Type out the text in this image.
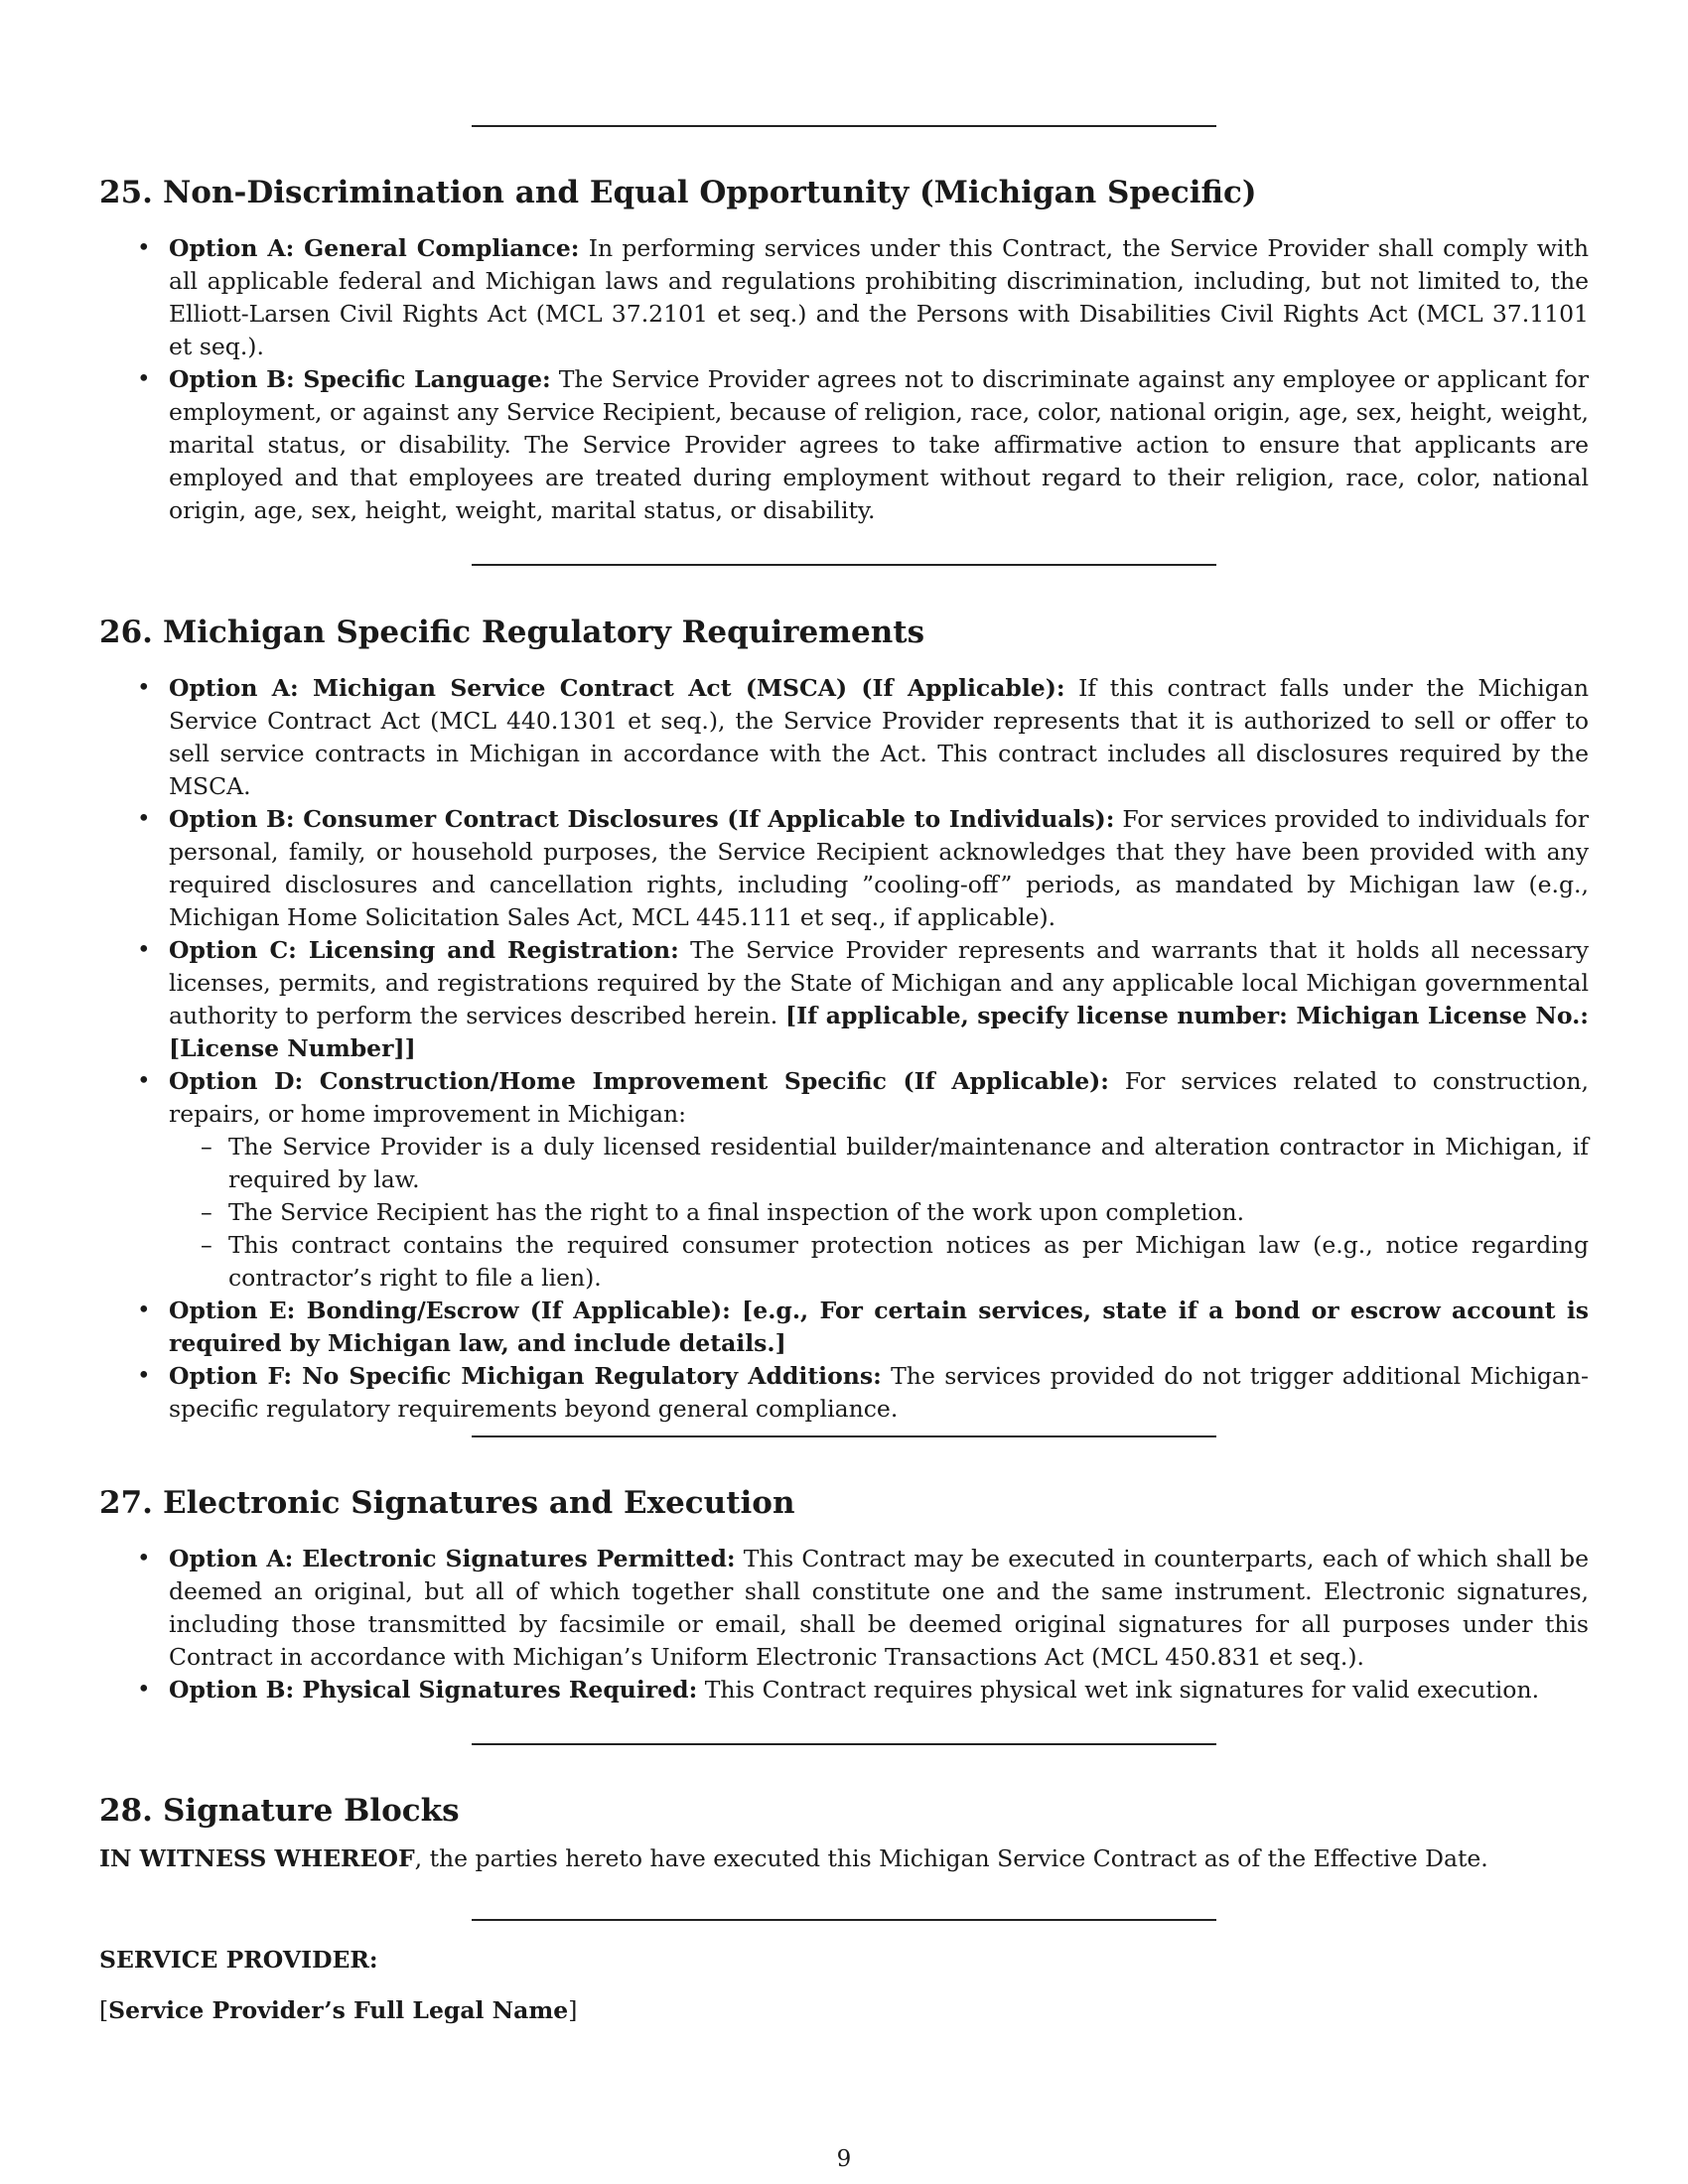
25. Non-Discrimination and Equal Opportunity (Michigan Specific)
• Option A: General Compliance: In performing services under this Contract, the Service Provider shall comply with all applicable federal and Michigan laws and regulations prohibiting discrimination, including, but not limited to, the Elliott-Larsen Civil Rights Act (MCL 37.2101 et seq.) and the Persons with Disabilities Civil Rights Act (MCL 37.1101 et seq.).
• Option B: Specific Language: The Service Provider agrees not to discriminate against any employee or applicant for employment, or against any Service Recipient, because of religion, race, color, national origin, age, sex, height, weight, marital status, or disability. The Service Provider agrees to take affirmative action to ensure that applicants are employed and that employees are treated during employment without regard to their religion, race, color, national origin, age, sex, height, weight, marital status, or disability.
26. Michigan Specific Regulatory Requirements
• Option A: Michigan Service Contract Act (MSCA) (If Applicable): If this contract falls under the Michigan Service Contract Act (MCL 440.1301 et seq.), the Service Provider represents that it is authorized to sell or offer to sell service contracts in Michigan in accordance with the Act. This contract includes all disclosures required by the MSCA.
• Option B: Consumer Contract Disclosures (If Applicable to Individuals): For services provided to individuals for personal, family, or household purposes, the Service Recipient acknowledges that they have been provided with any required disclosures and cancellation rights, including ”cooling-off” periods, as mandated by Michigan law (e.g., Michigan Home Solicitation Sales Act, MCL 445.111 et seq., if applicable).
• Option C: Licensing and Registration: The Service Provider represents and warrants that it holds all necessary licenses, permits, and registrations required by the State of Michigan and any applicable local Michigan governmental authority to perform the services described herein. [If applicable, specify license number: Michigan License No.: [License Number]]
• Option D: Construction/Home Improvement Specific (If Applicable): For services related to construction, repairs, or home improvement in Michigan:
– The Service Provider is a duly licensed residential builder/maintenance and alteration contractor in Michigan, if required by law.
– The Service Recipient has the right to a final inspection of the work upon completion.
– This contract contains the required consumer protection notices as per Michigan law (e.g., notice regarding contractor’s right to file a lien).
• Option E: Bonding/Escrow (If Applicable): [e.g., For certain services, state if a bond or escrow account is required by Michigan law, and include details.]
• Option F: No Specific Michigan Regulatory Additions: The services provided do not trigger additional Michigan-specific regulatory requirements beyond general compliance.
27. Electronic Signatures and Execution
• Option A: Electronic Signatures Permitted: This Contract may be executed in counterparts, each of which shall be deemed an original, but all of which together shall constitute one and the same instrument. Electronic signatures, including those transmitted by facsimile or email, shall be deemed original signatures for all purposes under this Contract in accordance with Michigan’s Uniform Electronic Transactions Act (MCL 450.831 et seq.).
• Option B: Physical Signatures Required: This Contract requires physical wet ink signatures for valid execution.
28. Signature Blocks
IN WITNESS WHEREOF, the parties hereto have executed this Michigan Service Contract as of the Effective Date.
SERVICE PROVIDER:
[Service Provider’s Full Legal Name]
9
